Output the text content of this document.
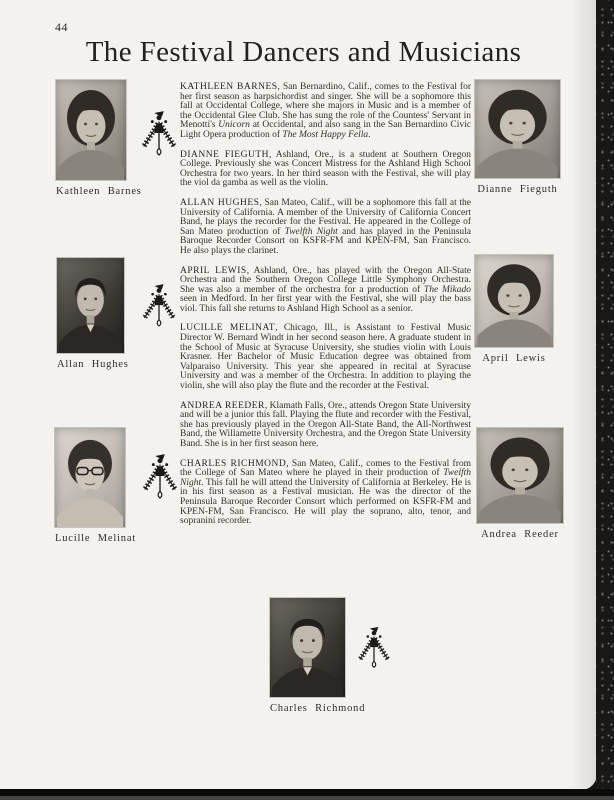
44
The Festival Dancers and Musicians

KATHLEEN BARNES, San Bernardino, Calif., comes to the Festival for her first season as harpsichordist and singer. She will be a sophomore this fall at Occidental College, where she majors in Music and is a member of the Occidental Glee Club. She has sung the role of the Countess' Servant in Menotti's Unicorn at Occidental, and also sang in the San Bernardino Civic Light Opera production of The Most Happy Fella.

DIANNE FIEGUTH, Ashland, Ore., is a student at Southern Oregon College. Previously she was Concert Mistress for the Ashland High School Orchestra for two years. In her third season with the Festival, she will play the viol da gamba as well as the violin.

ALLAN HUGHES, San Mateo, Calif., will be a sophomore this fall at the University of California. A member of the University of California Concert Band, he plays the recorder for the Festival. He appeared in the College of San Mateo production of Twelfth Night and has played in the Peninsula Baroque Recorder Consort on KSFR-FM and KPEN-FM, San Francisco. He also plays the clarinet.

APRIL LEWIS, Ashland, Ore., has played with the Oregon All-State Orchestra and the Southern Oregon College Little Symphony Orchestra. She was also a member of the orchestra for a production of The Mikado seen in Medford. In her first year with the Festival, she will play the bass viol. This fall she returns to Ashland High School as a senior.

LUCILLE MELINAT, Chicago, Ill., is Assistant to Festival Music Director W. Bernard Windt in her second season here. A graduate student in the School of Music at Syracuse University, she studies violin with Louis Krasner. Her Bachelor of Music Education degree was obtained from Valparaiso University. This year she appeared in recital at Syracuse University and was a member of the Orchestra. In addition to playing the violin, she will also play the flute and the recorder at the Festival.

ANDREA REEDER, Klamath Falls, Ore., attends Oregon State University and will be a junior this fall. Playing the flute and recorder with the Festival, she has previously played in the Oregon All-State Band, the All-Northwest Band, the Willamette University Orchestra, and the Oregon State University Band. She is in her first season here.

CHARLES RICHMOND, San Mateo, Calif., comes to the Festival from the College of San Mateo where he played in their production of Twelfth Night. This fall he will attend the University of California at Berkeley. He is in his first season as a Festival musician. He was the director of the Peninsula Baroque Recorder Consort which performed on KSFR-FM and KPEN-FM, San Francisco. He will play the soprano, alto, tenor, and sopranini recorder.

Kathleen Barnes
Allan Hughes
Lucille Melinat
Dianne Fieguth
April Lewis
Andrea Reeder
Charles Richmond
